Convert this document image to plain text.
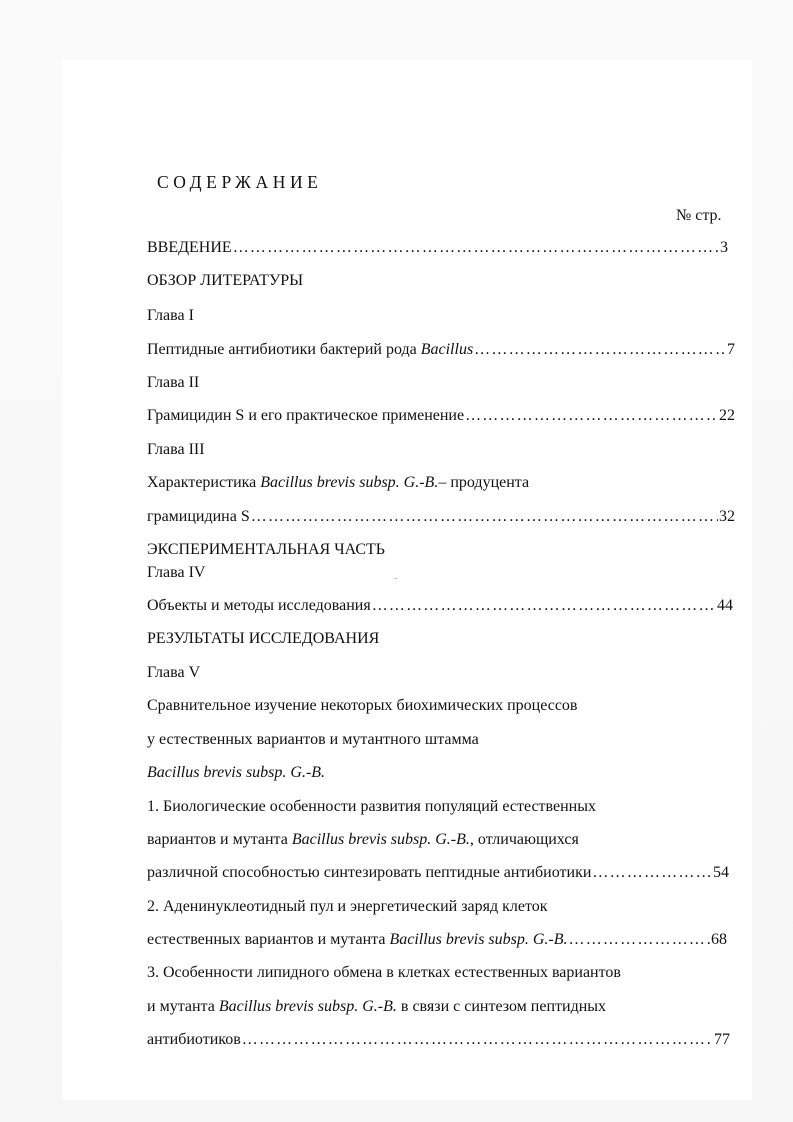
СОДЕРЖАНИЕ
№ стр.
ВВЕДЕНИЕ ……………………………………………………………………………………………………………………………………………………………………………………	3
ОБЗОР ЛИТЕРАТУРЫ
Глава I
Пептидные антибиотики бактерий рода Bacillus ……………………………………………………………………………………………………………………………………………………………………………………	7
Глава II
Грамицидин S и его практическое применение ……………………………………………………………………………………………………………………………………………………………………………………	22
Глава III
Характеристика Bacillus brevis subsp. G.-B.– продуцента
грамицидина S ……………………………………………………………………………………………………………………………………………………………………………………	32
ЭКСПЕРИМЕНТАЛЬНАЯ ЧАСТЬ
Глава IV
Объекты и методы исследования ……………………………………………………………………………………………………………………………………………………………………………………	44
РЕЗУЛЬТАТЫ ИССЛЕДОВАНИЯ
Глава V
Сравнительное изучение некоторых биохимических процессов
у естественных вариантов и мутантного штамма
Bacillus brevis subsp. G.-B.
1. Биологические особенности развития популяций естественных
вариантов и мутанта Bacillus brevis subsp. G.-B., отличающихся
различной способностью синтезировать пептидные антибиотики ……………………………………………………………………………………………………………………………………………………………………………………	54
2. Аденинуклеотидный пул и энергетический заряд клеток
естественных вариантов и мутанта Bacillus brevis subsp. G.-B. ……………………………………………………………………………………………………………………………………………………………………………………	68
3. Особенности липидного обмена в клетках естественных вариантов
и мутанта Bacillus brevis subsp. G.-B. в связи с синтезом пептидных
антибиотиков ……………………………………………………………………………………………………………………………………………………………………………………	77
